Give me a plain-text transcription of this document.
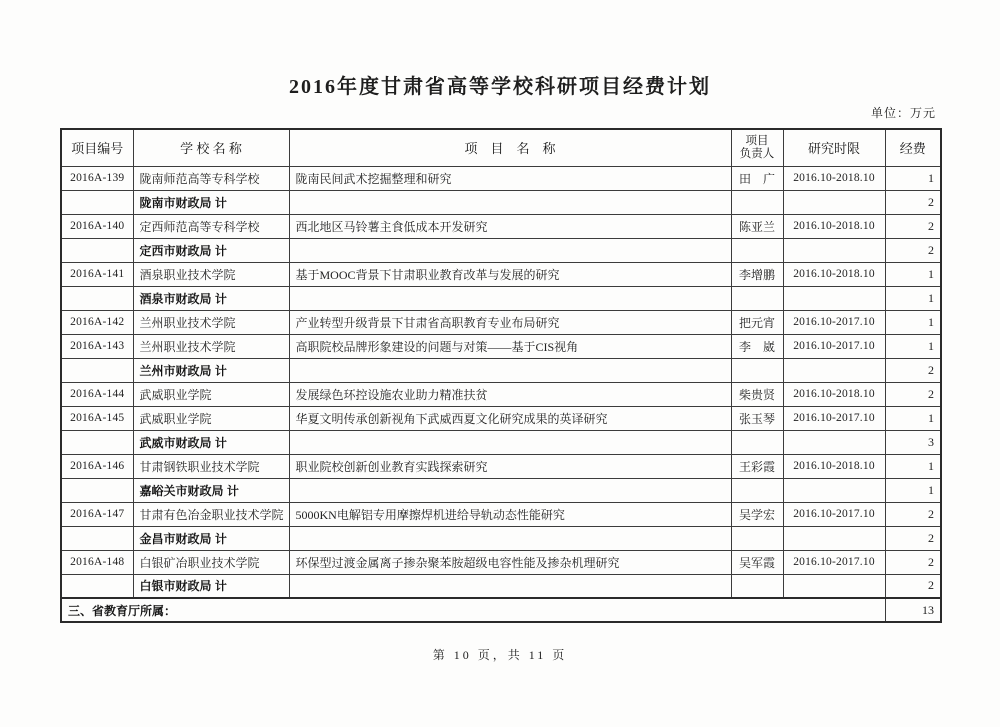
2016年度甘肃省高等学校科研项目经费计划
单位：万元
项目编号	学 校 名 称	项　目　名　称	项目
负责人	研究时限	经费
2016A-139	陇南师范高等专科学校	陇南民间武术挖掘整理和研究	田　广	2016.10-2018.10	1
	陇南市财政局 计				2
2016A-140	定西师范高等专科学校	西北地区马铃薯主食低成本开发研究	陈亚兰	2016.10-2018.10	2
	定西市财政局 计				2
2016A-141	酒泉职业技术学院	基于MOOC背景下甘肃职业教育改革与发展的研究	李增鹏	2016.10-2018.10	1
	酒泉市财政局 计				1
2016A-142	兰州职业技术学院	产业转型升级背景下甘肃省高职教育专业布局研究	把元宵	2016.10-2017.10	1
2016A-143	兰州职业技术学院	高职院校品牌形象建设的问题与对策——基于CIS视角	李　崴	2016.10-2017.10	1
	兰州市财政局 计				2
2016A-144	武威职业学院	发展绿色环控设施农业助力精准扶贫	柴贵贤	2016.10-2018.10	2
2016A-145	武威职业学院	华夏文明传承创新视角下武威西夏文化研究成果的英译研究	张玉琴	2016.10-2017.10	1
	武威市财政局 计				3
2016A-146	甘肃钢铁职业技术学院	职业院校创新创业教育实践探索研究	王彩霞	2016.10-2018.10	1
	嘉峪关市财政局 计				1
2016A-147	甘肃有色冶金职业技术学院	5000KN电解铝专用摩擦焊机进给导轨动态性能研究	吴学宏	2016.10-2017.10	2
	金昌市财政局 计				2
2016A-148	白银矿冶职业技术学院	环保型过渡金属离子掺杂聚苯胺超级电容性能及掺杂机理研究	吴军霞	2016.10-2017.10	2
	白银市财政局 计				2
三、省教育厅所属：					13
第 10 页，共 11 页
